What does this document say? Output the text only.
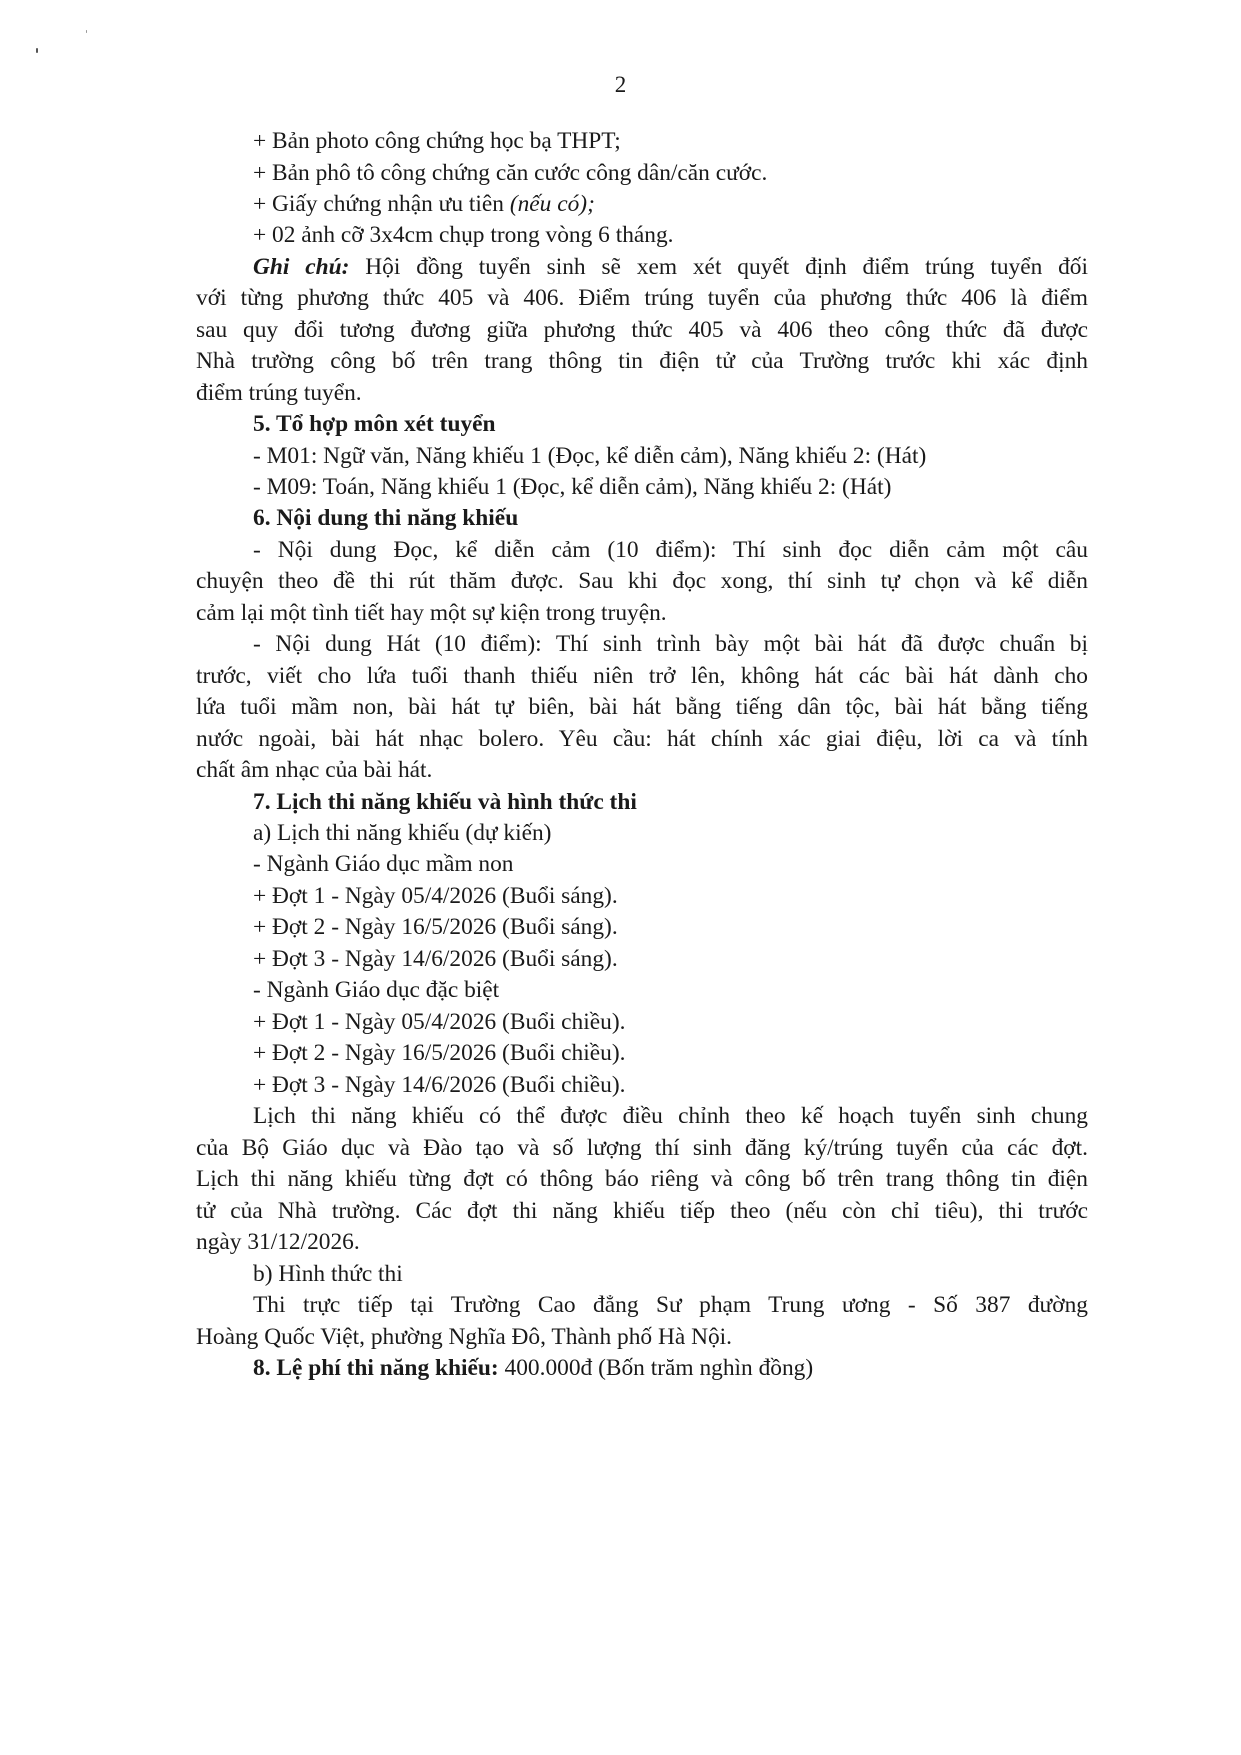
2
+ Bản photo công chứng học bạ THPT;
+ Bản phô tô công chứng căn cước công dân/căn cước.
+ Giấy chứng nhận ưu tiên (nếu có);
+ 02 ảnh cỡ 3x4cm chụp trong vòng 6 tháng.
Ghi chú: Hội đồng tuyển sinh sẽ xem xét quyết định điểm trúng tuyển đối
với từng phương thức 405 và 406. Điểm trúng tuyển của phương thức 406 là điểm
sau quy đổi tương đương giữa phương thức 405 và 406 theo công thức đã được
Nhà trường công bố trên trang thông tin điện tử của Trường trước khi xác định
điểm trúng tuyển.
5. Tổ hợp môn xét tuyển
- M01: Ngữ văn, Năng khiếu 1 (Đọc, kể diễn cảm), Năng khiếu 2: (Hát)
- M09: Toán, Năng khiếu 1 (Đọc, kể diễn cảm), Năng khiếu 2: (Hát)
6. Nội dung thi năng khiếu
- Nội dung Đọc, kể diễn cảm (10 điểm): Thí sinh đọc diễn cảm một câu
chuyện theo đề thi rút thăm được. Sau khi đọc xong, thí sinh tự chọn và kể diễn
cảm lại một tình tiết hay một sự kiện trong truyện.
- Nội dung Hát (10 điểm): Thí sinh trình bày một bài hát đã được chuẩn bị
trước, viết cho lứa tuổi thanh thiếu niên trở lên, không hát các bài hát dành cho
lứa tuổi mầm non, bài hát tự biên, bài hát bằng tiếng dân tộc, bài hát bằng tiếng
nước ngoài, bài hát nhạc bolero. Yêu cầu: hát chính xác giai điệu, lời ca và tính
chất âm nhạc của bài hát.
7. Lịch thi năng khiếu và hình thức thi
a) Lịch thi năng khiếu (dự kiến)
- Ngành Giáo dục mầm non
+ Đợt 1 - Ngày 05/4/2026 (Buổi sáng).
+ Đợt 2 - Ngày 16/5/2026 (Buổi sáng).
+ Đợt 3 - Ngày 14/6/2026 (Buổi sáng).
- Ngành Giáo dục đặc biệt
+ Đợt 1 - Ngày 05/4/2026 (Buổi chiều).
+ Đợt 2 - Ngày 16/5/2026 (Buổi chiều).
+ Đợt 3 - Ngày 14/6/2026 (Buổi chiều).
Lịch thi năng khiếu có thể được điều chỉnh theo kế hoạch tuyển sinh chung
của Bộ Giáo dục và Đào tạo và số lượng thí sinh đăng ký/trúng tuyển của các đợt.
Lịch thi năng khiếu từng đợt có thông báo riêng và công bố trên trang thông tin điện
tử của Nhà trường. Các đợt thi năng khiếu tiếp theo (nếu còn chỉ tiêu), thi trước
ngày 31/12/2026.
b) Hình thức thi
Thi trực tiếp tại Trường Cao đẳng Sư phạm Trung ương - Số 387 đường
Hoàng Quốc Việt, phường Nghĩa Đô, Thành phố Hà Nội.
8. Lệ phí thi năng khiếu: 400.000đ (Bốn trăm nghìn đồng)
